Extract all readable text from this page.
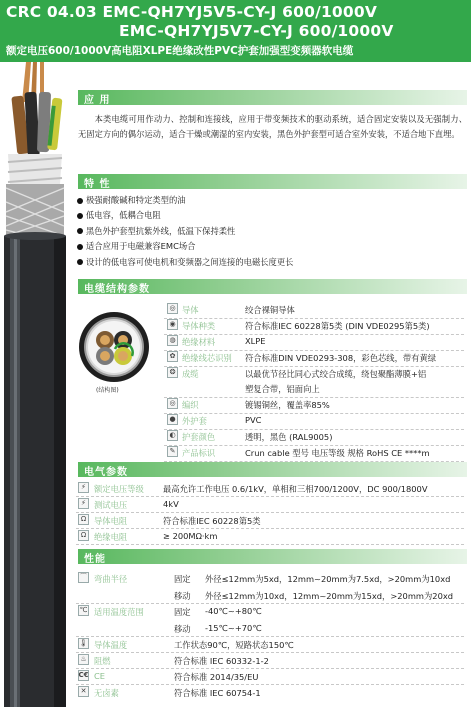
CRC 04.03 EMC-QH7YJ5V5-CY-J 600/1000V
EMC-QH7YJ5V7-CY-J 600/1000V
额定电压600/1000V高电阻XLPE绝缘改性PVC护套加强型变频器软电缆
应 用

本类电缆可用作动力、控制和连接线，应用于带变频技术的驱动系统，适合固定安装以及无强制力、无固定方向的偶尔运动，适合干燥或潮湿的室内安装，黑色外护套型可适合室外安装，不适合地下直埋。

特 性
极强耐酸碱和特定类型的油
低电容，低耦合电阻
黑色外护套型抗紫外线，低温下保持柔性
适合应用于电磁兼容EMC场合
设计的低电容可使电机和变频器之间连接的电磁长度更长
电缆结构参数
(结构图)
◎ 导体	绞合裸铜导体
◉ 导体种类	符合标准IEC 60228第5类 (DIN VDE0295第5类)
◍ 绝缘材料	XLPE
✿ 绝缘线芯识别 符合标准DIN VDE0293-308，彩色芯线，带有黄绿
❂ 成缆	以最优节径比同心式绞合成缆，绕包聚酯薄膜+铝
塑复合带，铝面向上
◎ 编织	镀锡铜丝，覆盖率85%
● 外护套	PVC
◐ 护套颜色	透明，黑色 (RAL9005)
✎ 产品标识	Crun cable 型号 电压等级 规格 RoHS CE ****m
电气参数
⚡ 额定电压等级 最高允许工作电压 0.6/1kV，单相和三相700/1200V，DC 900/1800V
⚡ 测试电压	4kV
Ω 导体电阻	符合标准IEC 60228第5类
Ω 绝缘电阻	≥ 200MΩ·km
性能
⌒ 弯曲半径	固定 外径≤12mm为5xd，12mm~20mm为7.5xd，>20mm为10xd
移动 外径≤12mm为10xd，12mm~20mm为15xd，>20mm为20xd
℃ 适用温度范围	固定 -40℃~+80℃
移动 -15℃~+70℃
🌡 导体温度	工作状态90℃，短路状态150℃
♨ 阻燃	符合标准 IEC 60332-1-2
C€ CE	符合标准 2014/35/EU
✕ 无卤素	符合标准 IEC 60754-1
